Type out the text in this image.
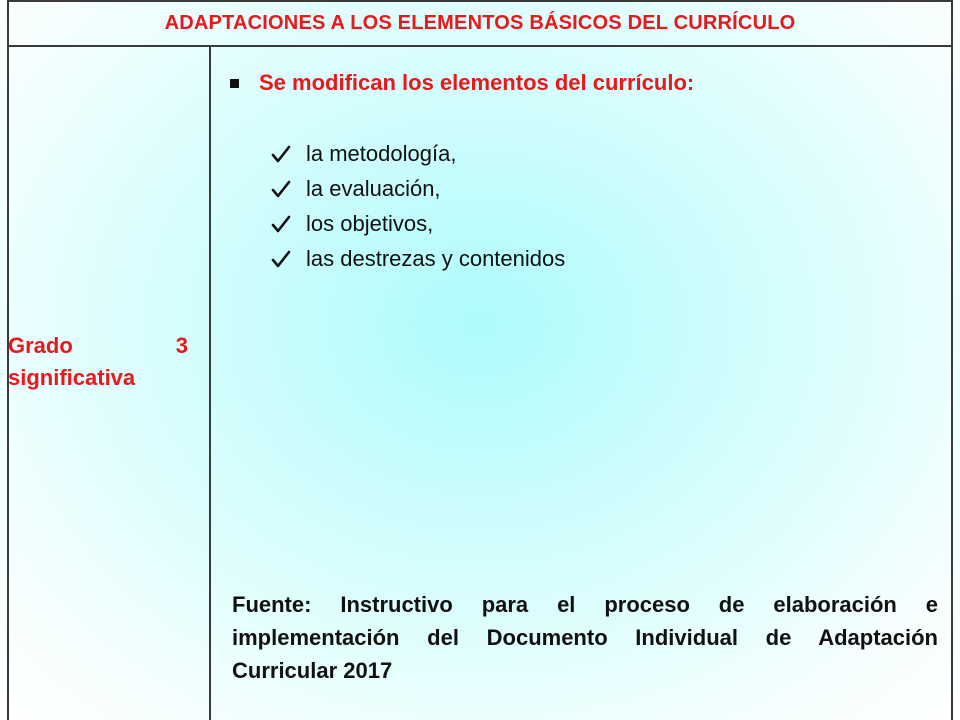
ADAPTACIONES A LOS ELEMENTOS BÁSICOS DEL CURRÍCULO
Grado	3
significativa
Se modifican los elementos del currículo:
la metodología,
la evaluación,
los objetivos,
las destrezas y contenidos
Fuente: Instructivo para el proceso de elaboración e implementación del Documento Individual de Adaptación Curricular 2017
